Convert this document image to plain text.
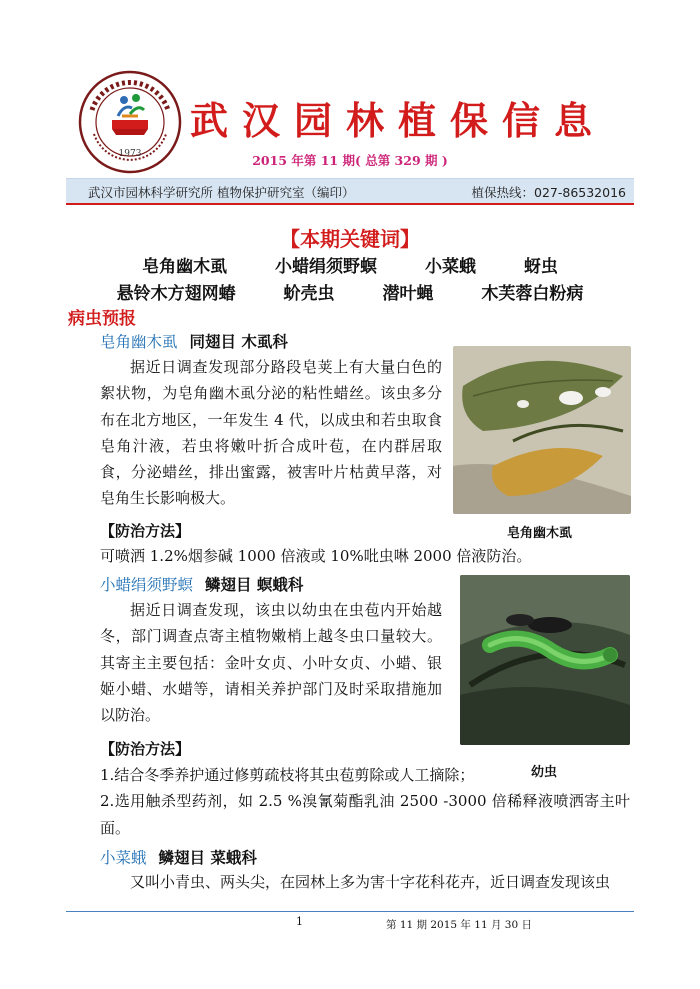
1973
武汉园林植保信息
2015 年第 11 期( 总第 329 期 )
武汉市园林科学研究所 植物保护研究室（编印）	植保热线：027-86532016
【本期关键词】
皂角幽木虱	小蜡绢须野螟	小菜蛾	蚜虫
悬铃木方翅网蝽	蚧壳虫	潜叶蝇	木芙蓉白粉病
病虫预报
皂角幽木虱 同翅目 木虱科

据近日调查发现部分路段皂荚上有大量白色的絮状物，为皂角幽木虱分泌的粘性蜡丝。该虫多分布在北方地区，一年发生 4 代，以成虫和若虫取食皂角汁液，若虫将嫩叶折合成叶苞，在内群居取食，分泌蜡丝，排出蜜露，被害叶片枯黄早落，对皂角生长影响极大。

皂角幽木虱
【防治方法】

可喷洒 1.2%烟参碱 1000 倍液或 10%吡虫啉 2000 倍液防治。

小蜡绢须野螟 鳞翅目 螟蛾科

据近日调查发现，该虫以幼虫在虫苞内开始越冬，部门调查点寄主植物嫩梢上越冬虫口量较大。其寄主主要包括：金叶女贞、小叶女贞、小蜡、银姬小蜡、水蜡等，请相关养护部门及时采取措施加以防治。

幼虫
【防治方法】

1.结合冬季养护通过修剪疏枝将其虫苞剪除或人工摘除；

2.选用触杀型药剂，如 2.5 %溴氰菊酯乳油 2500 -3000 倍稀释液喷洒寄主叶面。

小菜蛾 鳞翅目 菜蛾科

又叫小青虫、两头尖，在园林上多为害十字花科花卉，近日调查发现该虫

1	第 11 期 2015 年 11 月 30 日
